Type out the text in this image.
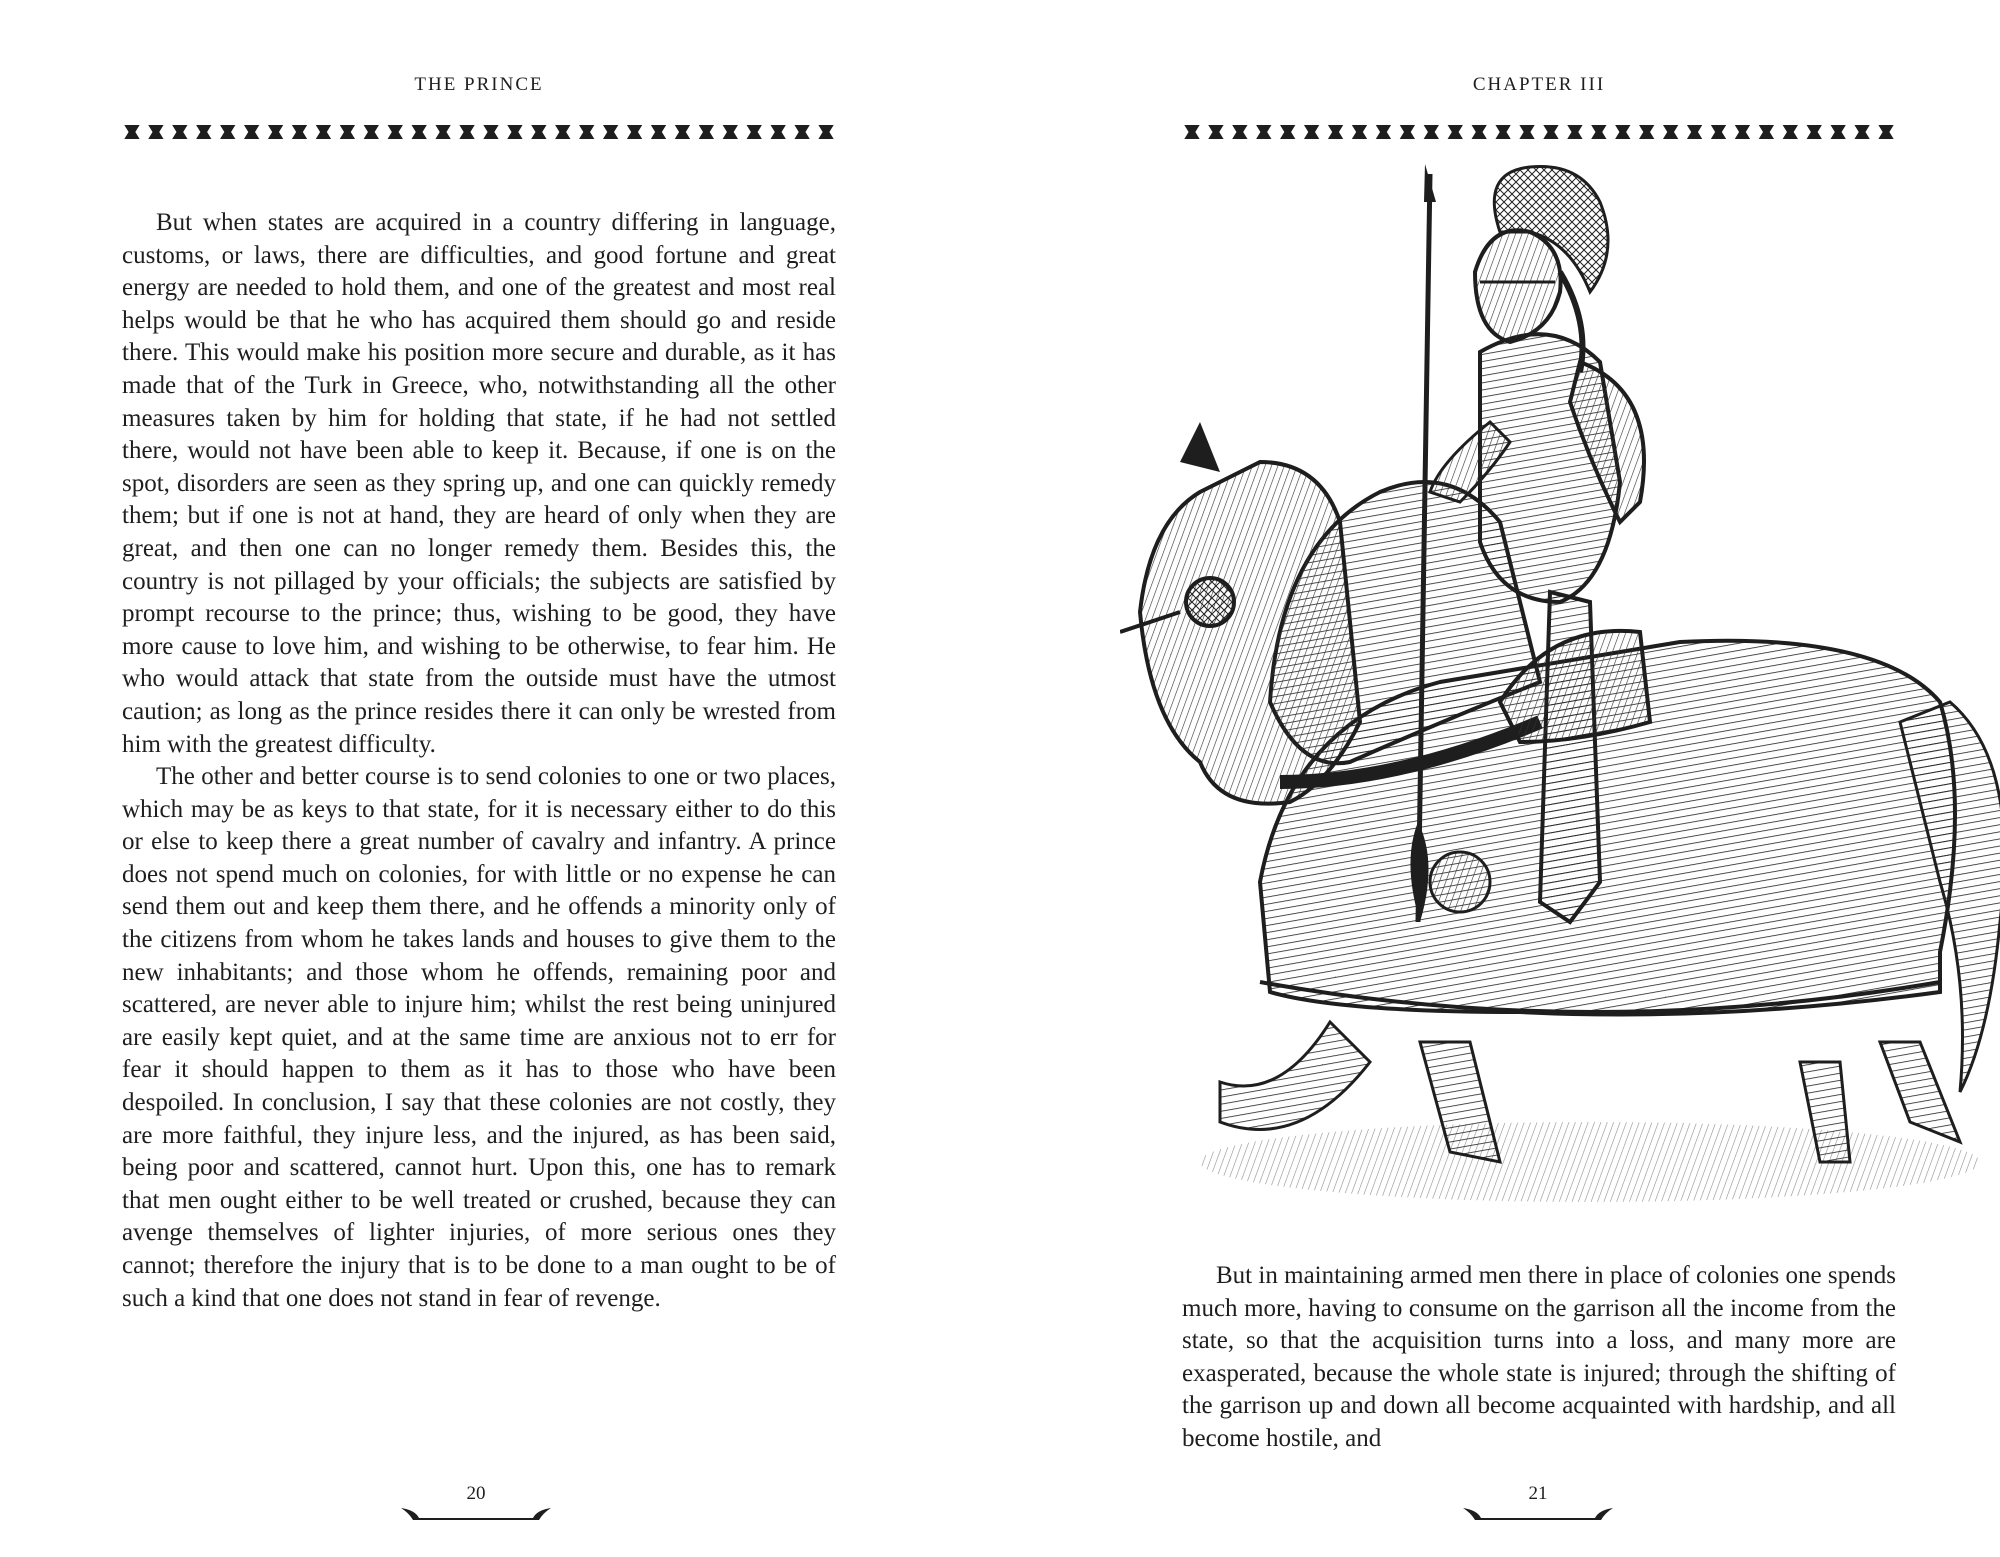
THE PRINCE

But when states are acquired in a country differing in language, customs, or laws, there are difficulties, and good fortune and great energy are needed to hold them, and one of the greatest and most real helps would be that he who has acquired them should go and reside there. This would make his position more secure and durable, as it has made that of the Turk in Greece, who, notwithstanding all the other measures taken by him for holding that state, if he had not settled there, would not have been able to keep it. Because, if one is on the spot, disorders are seen as they spring up, and one can quickly remedy them; but if one is not at hand, they are heard of only when they are great, and then one can no longer remedy them. Besides this, the country is not pillaged by your officials; the subjects are satisfied by prompt recourse to the prince; thus, wishing to be good, they have more cause to love him, and wishing to be otherwise, to fear him. He who would attack that state from the outside must have the utmost caution; as long as the prince resides there it can only be wrested from him with the greatest difficulty.

The other and better course is to send colonies to one or two places, which may be as keys to that state, for it is necessary either to do this or else to keep there a great number of cavalry and infantry. A prince does not spend much on colonies, for with little or no expense he can send them out and keep them there, and he offends a minority only of the citizens from whom he takes lands and houses to give them to the new inhabitants; and those whom he offends, remaining poor and scattered, are never able to injure him; whilst the rest being uninjured are easily kept quiet, and at the same time are anxious not to err for fear it should happen to them as it has to those who have been despoiled. In conclusion, I say that these colonies are not costly, they are more faithful, they injure less, and the injured, as has been said, being poor and scattered, cannot hurt. Upon this, one has to remark that men ought either to be well treated or crushed, because they can avenge themselves of lighter injuries, of more serious ones they cannot; therefore the injury that is to be done to a man ought to be of such a kind that one does not stand in fear of revenge.

20
CHAPTER III

But in maintaining armed men there in place of colonies one spends much more, having to consume on the garrison all the income from the state, so that the acquisition turns into a loss, and many more are exasperated, because the whole state is injured; through the shifting of the garrison up and down all become acquainted with hardship, and all become hostile, and

21
